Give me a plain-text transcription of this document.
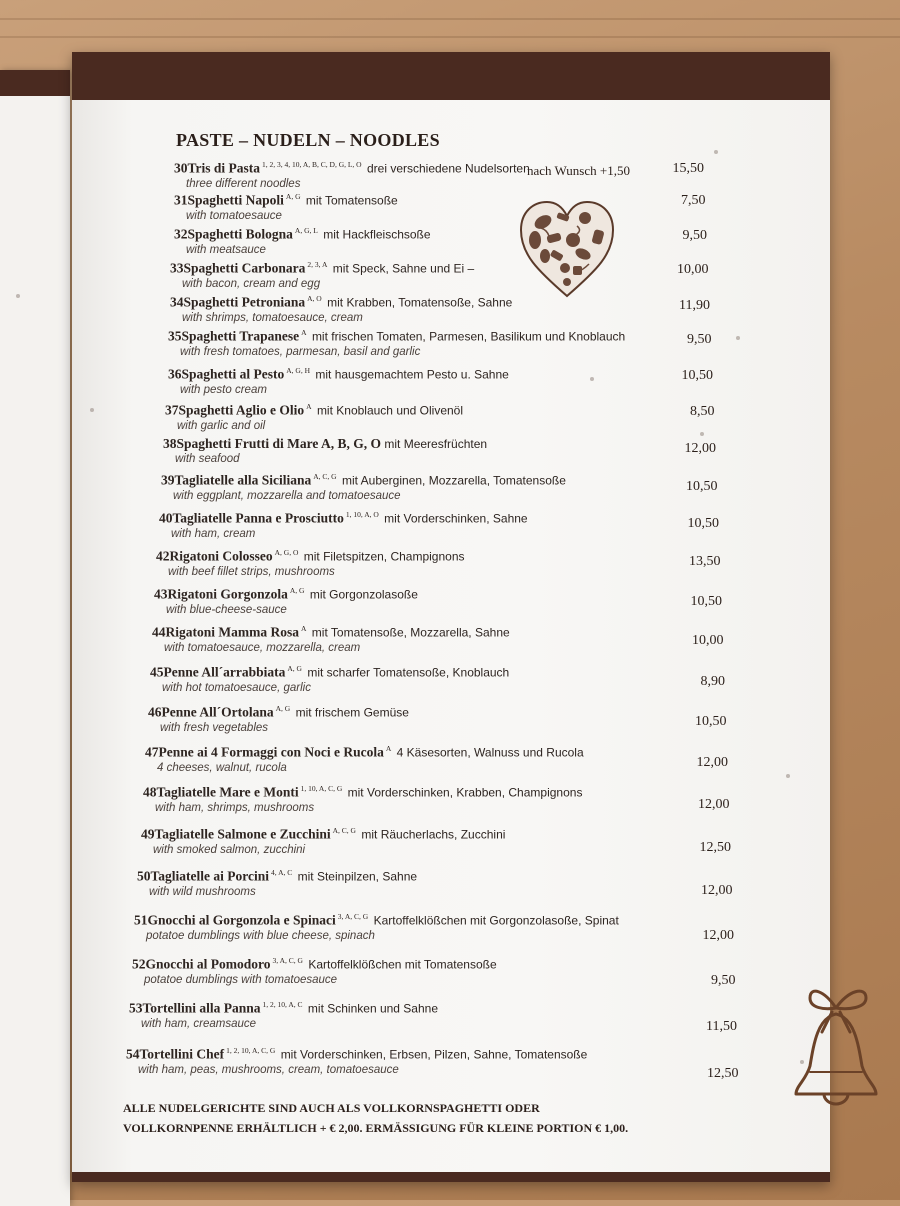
PASTE – NUDELN – NOODLES
nach Wunsch +1,50
30Tris di Pasta $^{1, 2, 3, 4, 10, A, B, C, D, G, L, O}$ drei verschiedene Nudelsorten
three different noodles
15,50
31Spaghetti Napoli $^{A, G}$ mit Tomatensoße
with tomatoesauce
7,50
32Spaghetti Bologna $^{A, G, L}$ mit Hackfleischsoße
with meatsauce
9,50
33Spaghetti Carbonara $^{2, 3, A}$ mit Speck, Sahne und Ei –
with bacon, cream and egg
10,00
34Spaghetti Petroniana $^{A, O}$ mit Krabben, Tomatensoße, Sahne
with shrimps, tomatoesauce, cream
11,90
35Spaghetti Trapanese $^A$ mit frischen Tomaten, Parmesen, Basilikum und Knoblauch
with fresh tomatoes, parmesan, basil and garlic
9,50
36Spaghetti al Pesto $^{A, G, H}$ mit hausgemachtem Pesto u. Sahne
with pesto cream
10,50
37Spaghetti Aglio e Olio $^A$ mit Knoblauch und Olivenöl
with garlic and oil
8,50
38Spaghetti Frutti di Mare A, B, G, O mit Meeresfrüchten
with seafood
12,00
39Tagliatelle alla Siciliana $^{A, C, G}$ mit Auberginen, Mozzarella, Tomatensoße
with eggplant, mozzarella and tomatoesauce
10,50
40Tagliatelle Panna e Prosciutto $^{1, 10, A, O}$ mit Vorderschinken, Sahne
with ham, cream
10,50
42Rigatoni Colosseo $^{A, G, O}$ mit Filetspitzen, Champignons
with beef fillet strips, mushrooms
13,50
43Rigatoni Gorgonzola $^{A, G}$ mit Gorgonzolasoße
with blue-cheese-sauce
10,50
44Rigatoni Mamma Rosa $^A$ mit Tomatensoße, Mozzarella, Sahne
with tomatoesauce, mozzarella, cream	10,00
45Penne All´arrabbiata $^{A, G}$ mit scharfer Tomatensoße, Knoblauch
with hot tomatoesauce, garlic	8,90
46Penne All´Ortolana $^{A, G}$ mit frischem Gemüse
with fresh vegetables	10,50
47Penne ai 4 Formaggi con Noci e Rucola $^A$ 4 Käsesorten, Walnuss und Rucola
4 cheeses, walnut, rucola	12,00
48Tagliatelle Mare e Monti $^{1, 10, A, C, G}$ mit Vorderschinken, Krabben, Champignons
with ham, shrimps, mushrooms	12,00
49Tagliatelle Salmone e Zucchini $^{A, C, G}$ mit Räucherlachs, Zucchini
with smoked salmon, zucchini	12,50
50Tagliatelle ai Porcini $^{4, A, C}$ mit Steinpilzen, Sahne
with wild mushrooms	12,00
51Gnocchi al Gorgonzola e Spinaci $^{3, A, C, G}$ Kartoffelklößchen mit Gorgonzolasoße, Spinat
potatoe dumblings with blue cheese, spinach	12,00
52Gnocchi al Pomodoro $^{3, A, C, G}$ Kartoffelklößchen mit Tomatensoße
potatoe dumblings with tomatoesauce	9,50
53Tortellini alla Panna $^{1, 2, 10, A, C}$ mit Schinken und Sahne
with ham, creamsauce	11,50
54Tortellini Chef $^{1, 2, 10, A, C, G}$ mit Vorderschinken, Erbsen, Pilzen, Sahne, Tomatensoße
with ham, peas, mushrooms, cream, tomatoesauce	12,50
ALLE NUDELGERICHTE SIND AUCH ALS VOLLKORNSPAGHETTI ODER
VOLLKORNPENNE ERHÄLTLICH + € 2,00. ERMÄSSIGUNG FÜR KLEINE PORTION € 1,00.
